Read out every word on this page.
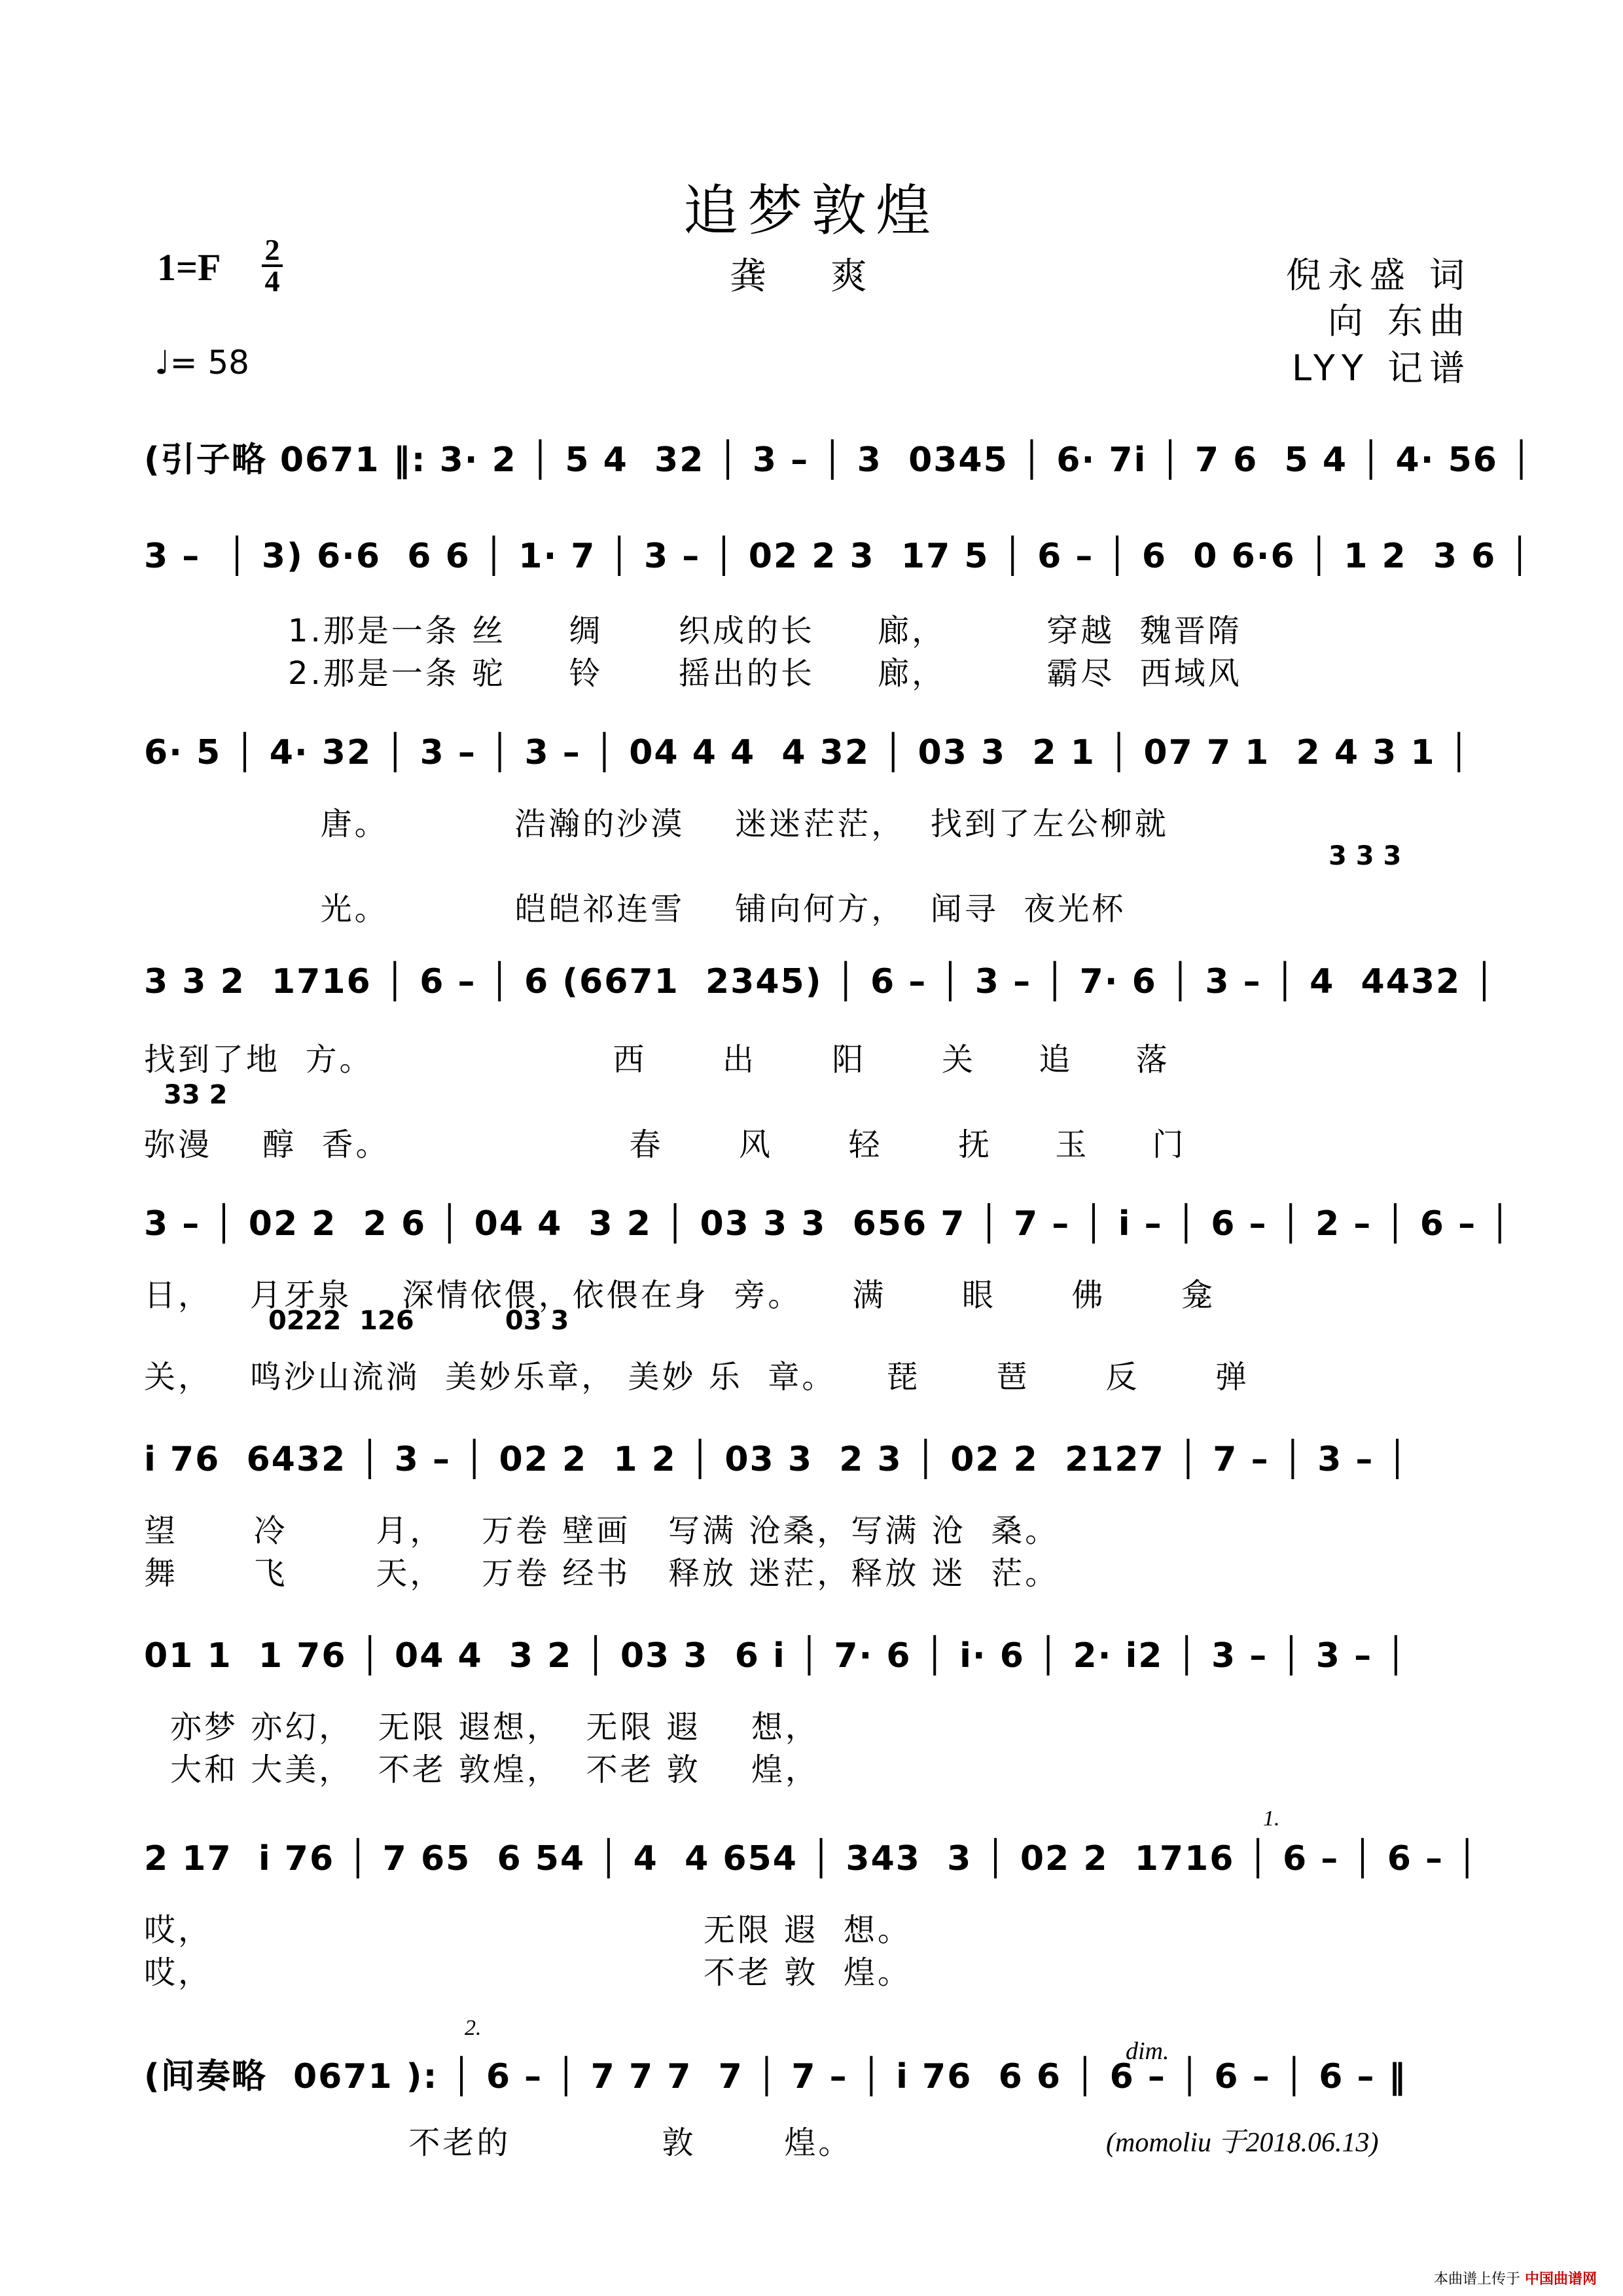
追梦敦煌
1=F 2
4
♩= 58
龚 爽	倪永盛 词
向 东曲
LYY 记谱
(引子略 0671 ‖: 3· 2 │ 5 4  32 │ 3 – │ 3  0345 │ 6· 7i │ 7 6  5 4 │ 4· 56 │
3 –  │ 3) 6·6  6 6 │ 1· 7 │ 3 – │ 02 2 3  17 5 │ 6 – │ 6  0 6·6 │ 1 2  3 6 │
1.那是一条 丝     绸      织成的长     廊，        穿越  魏晋隋
2.那是一条 驼     铃      摇出的长     廊，        霸尽  西域风
6· 5 │ 4· 32 │ 3 – │ 3 – │ 04 4 4  4 32 │ 03 3  2 1 │ 07 7 1  2 4 3 1 │
唐。          浩瀚的沙漠    迷迷茫茫，  找到了左公柳就
3 3 3
光。          皑皑祁连雪    铺向何方，  闻寻  夜光杯
3 3 2  1716 │ 6 – │ 6 (6671  2345) │ 6 – │ 3 – │ 7· 6 │ 3 – │ 4  4432 │
找到了地  方。                   西      出      阳      关     追     落
33 2
弥漫    醇  香。                   春      风      轻      抚     玉     门
3 – │ 02 2  2 6 │ 04 4  3 2 │ 03 3 3  656 7 │ 7 – │ i – │ 6 – │ 2 – │ 6 – │
日，   月牙泉    深情依偎，依偎在身  旁。    满      眼      佛      龛
0222  126          03 3
关，   鸣沙山流淌  美妙乐章， 美妙 乐  章。    琵      琶      反      弹
i 76  6432 │ 3 – │ 02 2  1 2 │ 03 3  2 3 │ 02 2  2127 │ 7 – │ 3 – │
望      冷       月，   万卷 壁画   写满 沧桑，写满 沧  桑。
舞      飞       天，   万卷 经书   释放 迷茫，释放 迷  茫。
01 1  1 76 │ 04 4  3 2 │ 03 3  6 i │ 7· 6 │ i· 6 │ 2· i2 │ 3 – │ 3 – │
亦梦 亦幻，  无限 遐想，  无限 遐    想，
大和 大美，  不老 敦煌，  不老 敦    煌，
1.
2 17  i 76 │ 7 65  6 54 │ 4  4 654 │ 343  3 │ 02 2  1716 │ 6 – │ 6 – │
哎，                                       无限 遐  想。
哎，                                       不老 敦  煌。
2.
(间奏略  0671 ): │ 6 – │ 7 7 7  7 │ 7 – │ i 76  6 6 │ 6 – │ 6 – │ 6 – ‖
不老的            敦       煌。
dim.
(momoliu 于2018.06.13)
本曲谱上传于 中国曲谱网
